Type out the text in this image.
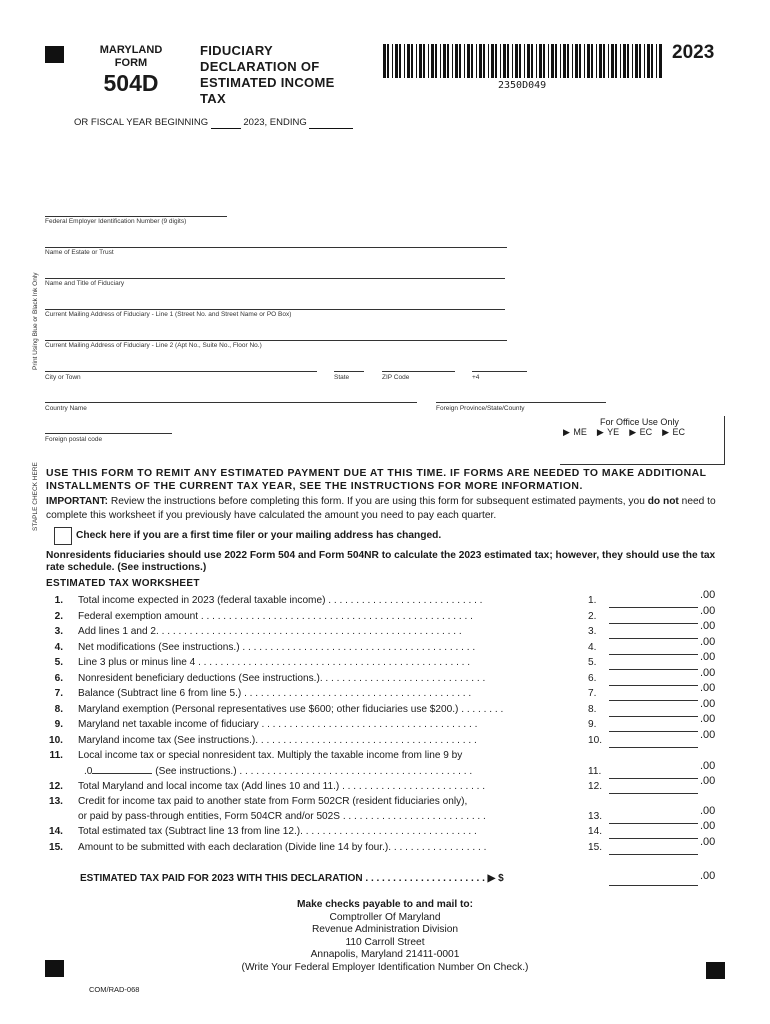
MARYLAND
FORM
504D
FIDUCIARY
DECLARATION OF
ESTIMATED INCOME
TAX
2350D049
2023
OR FISCAL YEAR BEGINNING	2023, ENDING
Print Using Blue or Black Ink Only
STAPLE CHECK HERE
Federal Employer Identification Number (9 digits)
Name of Estate or Trust
Name and Title of Fiduciary
Current Mailing Address of Fiduciary - Line 1 (Street No. and Street Name or PO Box)
Current Mailing Address of Fiduciary - Line 2 (Apt No., Suite No., Floor No.)
City or Town	State	ZIP Code	+4
Country Name	Foreign Province/State/County
Foreign postal code
For Office Use Only
▶ ME ▶ YE ▶ EC ▶ EC
USE THIS FORM TO REMIT ANY ESTIMATED PAYMENT DUE AT THIS TIME. IF FORMS ARE NEEDED TO MAKE ADDITIONAL INSTALLMENTS OF THE CURRENT TAX YEAR, SEE THE INSTRUCTIONS FOR MORE INFORMATION.
IMPORTANT: Review the instructions before completing this form. If you are using this form for subsequent estimated payments, you do not need to complete this worksheet if you previously have calculated the amount you need to pay each quarter.
Check here if you are a first time filer or your mailing address has changed.
Nonresidents fiduciaries should use 2022 Form 504 and Form 504NR to calculate the 2023 estimated tax; however, they should use the tax rate schedule. (See instructions.)
ESTIMATED TAX WORKSHEET
1. Total income expected in 2023 (federal taxable income) . . . . . . . . . . . . . . . . . . . . . . . . . . . .	1.	.00
2. Federal exemption amount . . . . . . . . . . . . . . . . . . . . . . . . . . . . . . . . . . . . . . . . . . . . . . . . .	2.	.00
3. Add lines 1 and 2. . . . . . . . . . . . . . . . . . . . . . . . . . . . . . . . . . . . . . . . . . . . . . . . . . . . . . .	3.	.00
4. Net modifications (See instructions.) . . . . . . . . . . . . . . . . . . . . . . . . . . . . . . . . . . . . . . . . . .	4.	.00
5. Line 3 plus or minus line 4 . . . . . . . . . . . . . . . . . . . . . . . . . . . . . . . . . . . . . . . . . . . . . . . . .	5.	.00
6. Nonresident beneficiary deductions (See instructions.). . . . . . . . . . . . . . . . . . . . . . . . . . . . . .	6.	.00
7. Balance (Subtract line 6 from line 5.) . . . . . . . . . . . . . . . . . . . . . . . . . . . . . . . . . . . . . . . . .	7.	.00
8. Maryland exemption (Personal representatives use $600; other fiduciaries use $200.) . . . . . . . .	8.	.00
9. Maryland net taxable income of fiduciary . . . . . . . . . . . . . . . . . . . . . . . . . . . . . . . . . . . . . . .	9.	.00
10. Maryland income tax (See instructions.). . . . . . . . . . . . . . . . . . . . . . . . . . . . . . . . . . . . . . . .	10.	.00
11. Local income tax or special nonresident tax. Multiply the taxable income from line 9 by
.0	(See instructions.) . . . . . . . . . . . . . . . . . . . . . . . . . . . . . . . . . . . . . . . . . .	11.	.00
12. Total Maryland and local income tax (Add lines 10 and 11.) . . . . . . . . . . . . . . . . . . . . . . . . . .	12.	.00
13. Credit for income tax paid to another state from Form 502CR (resident fiduciaries only),
or paid by pass-through entities, Form 504CR and/or 502S . . . . . . . . . . . . . . . . . . . . . . . . . .	13.	.00
14. Total estimated tax (Subtract line 13 from line 12.). . . . . . . . . . . . . . . . . . . . . . . . . . . . . . . .	14.	.00
15. Amount to be submitted with each declaration (Divide line 14 by four.). . . . . . . . . . . . . . . . . .	15.	.00
ESTIMATED TAX PAID FOR 2023 WITH THIS DECLARATION . . . . . . . . . . . . . . . . . . . . . . ▶ $	.00
Make checks payable to and mail to:
Comptroller Of Maryland
Revenue Administration Division
110 Carroll Street
Annapolis, Maryland 21411-0001
(Write Your Federal Employer Identification Number On Check.)
COM/RAD-068
